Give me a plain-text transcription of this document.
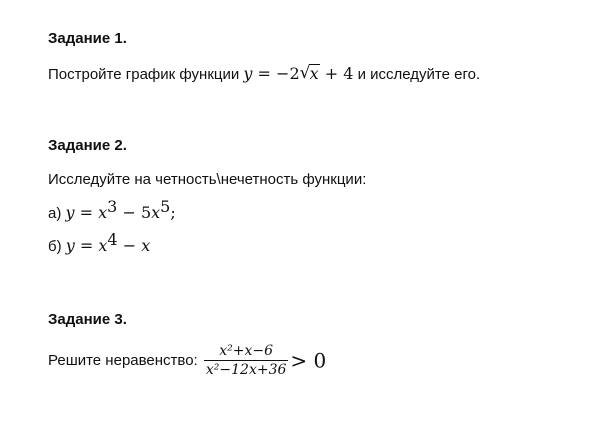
Задание 1.
Постройте график функции y = −2 √ x + 4 и исследуйте его.
Задание 2.
Исследуйте на четность\нечетность функции:
а) $y = x^3 - 5x^5$;
б) $y = x^4 - x$
Задание 3.
Решите неравенство: $\frac{\text{x²+x−6}}{\text{x²−12x+36}} > 0$
